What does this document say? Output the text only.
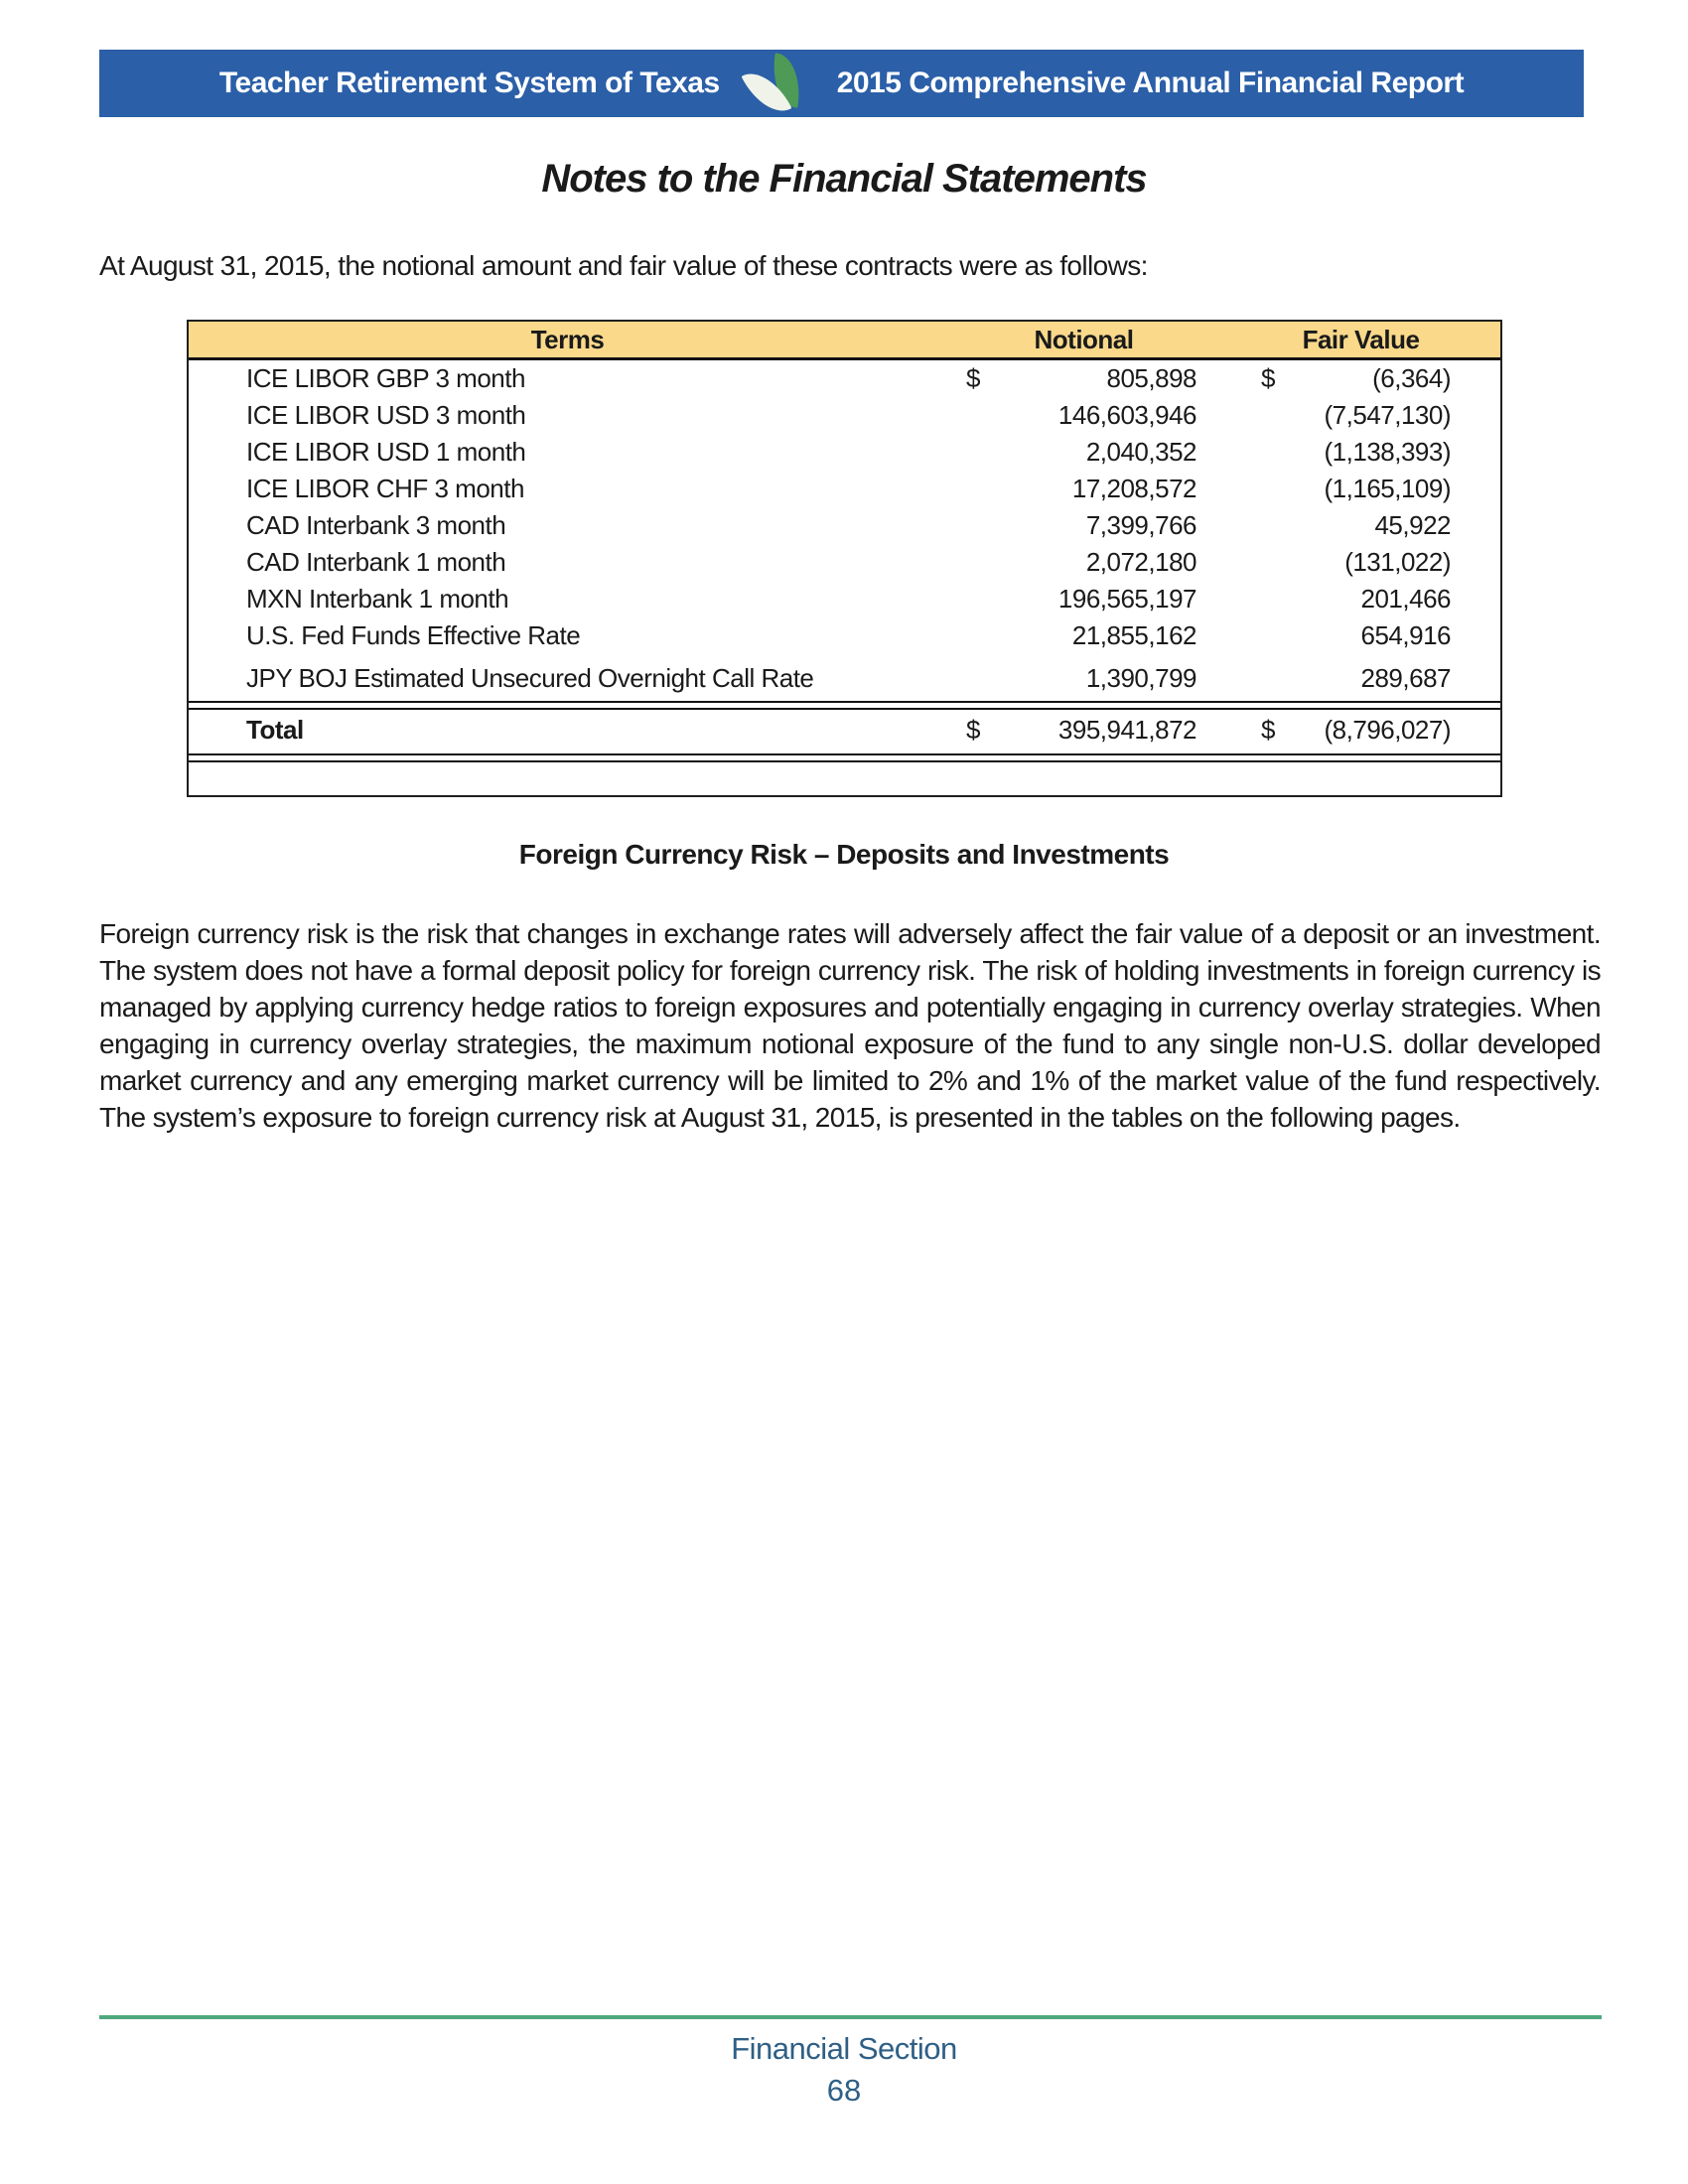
Teacher Retirement System of Texas	2015 Comprehensive Annual Financial Report
Notes to the Financial Statements
At August 31, 2015, the notional amount and fair value of these contracts were as follows:
Terms	Notional	Fair Value
ICE LIBOR GBP 3 month	$	805,898	$	(6,364)
ICE LIBOR USD 3 month	146,603,946	(7,547,130)
ICE LIBOR USD 1 month	2,040,352	(1,138,393)
ICE LIBOR CHF 3 month	17,208,572	(1,165,109)
CAD Interbank 3 month	7,399,766	45,922
CAD Interbank 1 month	2,072,180	(131,022)
MXN Interbank 1 month	196,565,197	201,466
U.S. Fed Funds Effective Rate	21,855,162	654,916
JPY BOJ Estimated Unsecured Overnight Call Rate	1,390,799	289,687
Total	$	395,941,872	$ (8,796,027)
Foreign Currency Risk – Deposits and Investments
Foreign currency risk is the risk that changes in exchange rates will adversely affect the fair value of a deposit or an investment. The system does not have a formal deposit policy for foreign currency risk. The risk of holding investments in foreign currency is managed by applying currency hedge ratios to foreign exposures and potentially engaging in currency overlay strategies. When engaging in currency overlay strategies, the maximum notional exposure of the fund to any single non-U.S. dollar developed market currency and any emerging market currency will be limited to 2% and 1% of the market value of the fund respectively. The system’s exposure to foreign currency risk at August 31, 2015, is presented in the tables on the following pages.
Financial Section
68
